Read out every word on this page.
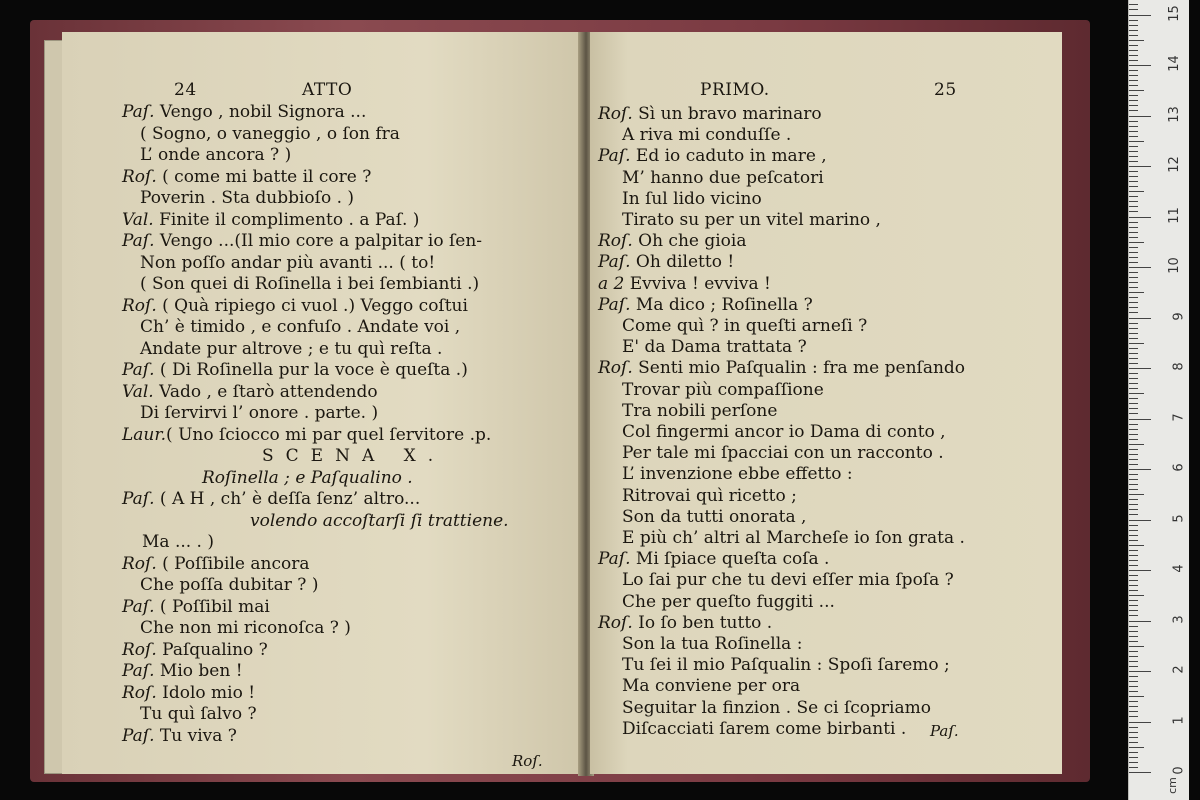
24	ATTO
Paſ. Vengo , nobil Signora ...
( Sogno, o vaneggio , o ſon fra
L’ onde ancora ? )
Roſ. ( come mi batte il core ?
Poverin . Sta dubbioſo . )
Val. Finite il complimento . a Paſ. )
Paſ. Vengo ...(Il mio core a palpitar io ſen-
Non poſſo andar più avanti ... ( to!
( Son quei di Roſinella i bei ſembianti .)
Roſ. ( Quà ripiego ci vuol .) Veggo coſtui
Ch’ è timido , e confuſo . Andate voi ,
Andate pur altrove ; e tu quì reſta .
Paſ. ( Di Roſinella pur la voce è queſta .)
Val. Vado , e ſtarò attendendo
Di ſervirvi l’ onore . parte. )
Laur.( Uno ſciocco mi par quel ſervitore .p.
SCENA X.
Roſinella ; e Paſqualino .
Paſ. ( A H , ch’ è deſſa ſenz’ altro...
volendo accoſtarſi ſi trattiene.
Ma ... . )
Roſ. ( Poſſibile ancora
Che poſſa dubitar ? )
Paſ. ( Poſſibil mai
Che non mi riconoſca ? )
Roſ. Paſqualino ?
Paſ. Mio ben !
Roſ. Idolo mio !
Tu quì ſalvo ?
Paſ. Tu viva ?
Roſ.
PRIMO.	25
Roſ. Sì un bravo marinaro
A riva mi conduſſe .
Paſ. Ed io caduto in mare ,
M’ hanno due peſcatori
In ſul lido vicino
Tirato su per un vitel marino ,
Roſ. Oh che gioia
Paſ. Oh diletto !
a 2 Evviva ! evviva !
Paſ. Ma dico ; Roſinella ?
Come quì ? in queſti arneſi ?
E' da Dama trattata ?
Roſ. Senti mio Paſqualin : fra me penſando
Trovar più compaſſione
Tra nobili perſone
Col fingermi ancor io Dama di conto ,
Per tale mi ſpacciai con un racconto .
L’ invenzione ebbe effetto :
Ritrovai quì ricetto ;
Son da tutti onorata ,
E più ch’ altri al Marcheſe io ſon grata .
Paſ. Mi ſpiace queſta coſa .
Lo ſai pur che tu devi eſſer mia ſpoſa ?
Che per queſto fuggiti ...
Roſ. Io ſo ben tutto .
Son la tua Roſinella :
Tu ſei il mio Paſqualin : Spoſi ſaremo ;
Ma conviene per ora
Seguitar la finzion . Se ci ſcopriamo
Diſcacciati ſarem come birbanti . Paſ.
0
1
2
3
4
5
6
7
8
9
10
11
12
13
14
15
cm
